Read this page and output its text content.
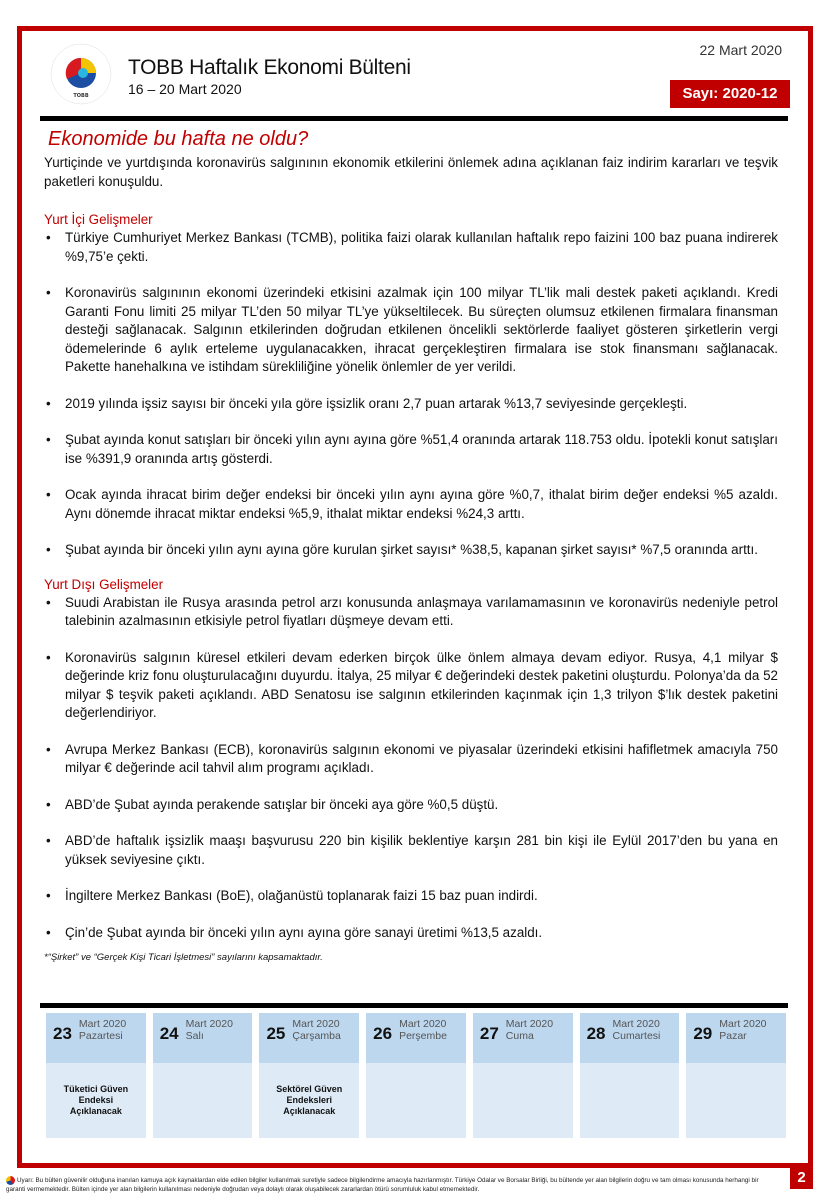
TOBB
TOBB Haftalık Ekonomi Bülteni
16 – 20 Mart 2020
22 Mart 2020
Sayı: 2020-12
Ekonomide bu hafta ne oldu?

Yurtiçinde ve yurtdışında koronavirüs salgınının ekonomik etkilerini önlemek adına açıklanan faiz indirim kararları ve teşvik paketleri konuşuldu.

Yurt İçi Gelişmeler
• Türkiye Cumhuriyet Merkez Bankası (TCMB), politika faizi olarak kullanılan haftalık repo faizini 100 baz puana indirerek %9,75’e çekti.
• Koronavirüs salgınının ekonomi üzerindeki etkisini azalmak için 100 milyar TL’lik mali destek paketi açıklandı. Kredi Garanti Fonu limiti 25 milyar TL’den 50 milyar TL’ye yükseltilecek. Bu süreçten olumsuz etkilenen firmalara finansman desteği sağlanacak. Salgının etkilerinden doğrudan etkilenen öncelikli sektörlerde faaliyet gösteren şirketlerin vergi ödemelerinde 6 aylık erteleme uygulanacakken, ihracat gerçekleştiren firmalara ise stok finansmanı sağlanacak. Pakette hanehalkına ve istihdam sürekliliğine yönelik önlemler de yer verildi.
• 2019 yılında işsiz sayısı bir önceki yıla göre işsizlik oranı 2,7 puan artarak %13,7 seviyesinde gerçekleşti.
• Şubat ayında konut satışları bir önceki yılın aynı ayına göre %51,4 oranında artarak 118.753 oldu. İpotekli konut satışları ise %391,9 oranında artış gösterdi.
• Ocak ayında ihracat birim değer endeksi bir önceki yılın aynı ayına göre %0,7, ithalat birim değer endeksi %5 azaldı. Aynı dönemde ihracat miktar endeksi %5,9, ithalat miktar endeksi %24,3 arttı.
• Şubat ayında bir önceki yılın aynı ayına göre kurulan şirket sayısı* %38,5, kapanan şirket sayısı* %7,5 oranında arttı.
Yurt Dışı Gelişmeler
• Suudi Arabistan ile Rusya arasında petrol arzı konusunda anlaşmaya varılamamasının ve koronavirüs nedeniyle petrol talebinin azalmasının etkisiyle petrol fiyatları düşmeye devam etti.
• Koronavirüs salgının küresel etkileri devam ederken birçok ülke önlem almaya devam ediyor. Rusya, 4,1 milyar $ değerinde kriz fonu oluşturulacağını duyurdu. İtalya, 25 milyar € değerindeki destek paketini oluşturdu. Polonya’da da 52 milyar $ teşvik paketi açıklandı. ABD Senatosu ise salgının etkilerinden kaçınmak için 1,3 trilyon $’lık destek paketini değerlendiriyor.
• Avrupa Merkez Bankası (ECB), koronavirüs salgının ekonomi ve piyasalar üzerindeki etkisini hafifletmek amacıyla 750 milyar € değerinde acil tahvil alım programı açıkladı.
• ABD’de Şubat ayında perakende satışlar bir önceki aya göre %0,5 düştü.
• ABD’de haftalık işsizlik maaşı başvurusu 220 bin kişilik beklentiye karşın 281 bin kişi ile Eylül 2017’den bu yana en yüksek seviyesine çıktı.
• İngiltere Merkez Bankası (BoE), olağanüstü toplanarak faizi 15 baz puan indirdi.
• Çin’de Şubat ayında bir önceki yılın aynı ayına göre sanayi üretimi %13,5 azaldı.
*“Şirket” ve “Gerçek Kişi Ticari İşletmesi” sayılarını kapsamaktadır.
23 Mart 2020
Pazartesi
Tüketici Güven Endeksi Açıklanacak
24 Mart 2020
Salı	25 Mart 2020
Çarşamba
Sektörel Güven Endeksleri Açıklanacak
26 Mart 2020
Perşembe 27 Mart 2020
Cuma	28 Mart 2020
Cumartesi 29 Mart 2020
Pazar
Uyarı: Bu bülten güvenilir olduğuna inanılan kamuya açık kaynaklardan elde edilen bilgiler kullanılmak suretiyle sadece bilgilendirme amacıyla hazırlanmıştır. Türkiye Odalar ve Borsalar Birliği, bu bültende yer alan bilgilerin doğru ve tam olması konusunda herhangi bir garanti vermemektedir. Bülten içinde yer alan bilgilerin kullanılması nedeniyle doğrudan veya dolaylı olarak oluşabilecek zararlardan ötürü sorumluluk kabul etmemektedir.
2
